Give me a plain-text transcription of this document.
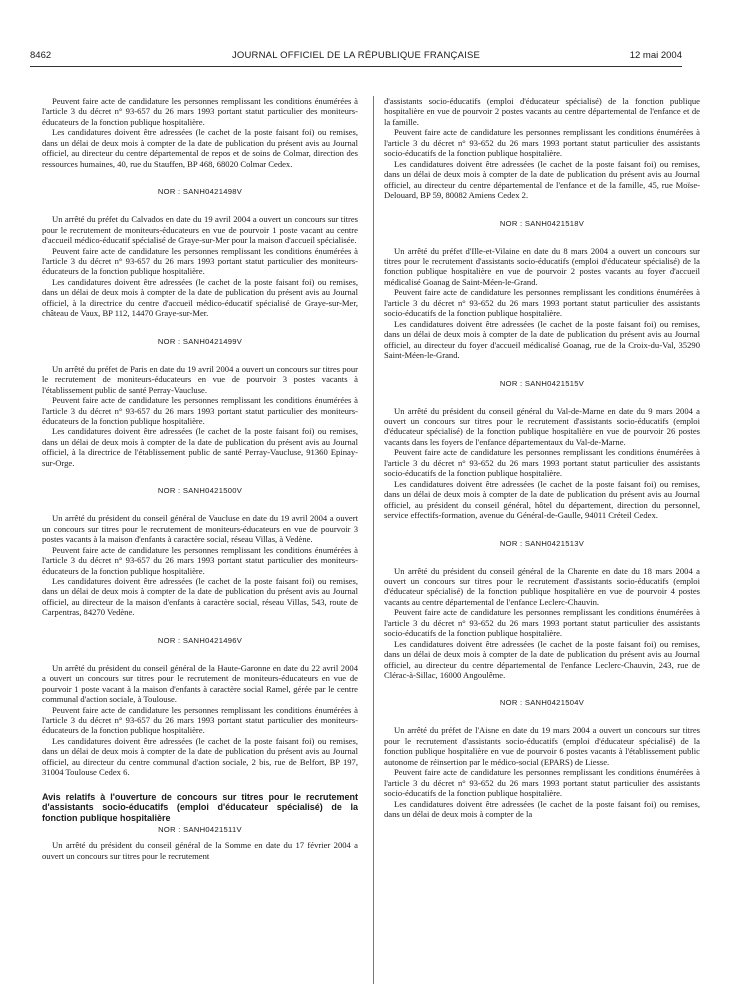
8462	JOURNAL OFFICIEL DE LA RÉPUBLIQUE FRANÇAISE	12 mai 2004

Peuvent faire acte de candidature les personnes remplissant les conditions énumérées à l'article 3 du décret n° 93-657 du 26 mars 1993 portant statut particulier des moniteurs-éducateurs de la fonction publique hospitalière.

Les candidatures doivent être adressées (le cachet de la poste faisant foi) ou remises, dans un délai de deux mois à compter de la date de publication du présent avis au Journal officiel, au directeur du centre départemental de repos et de soins de Colmar, direction des ressources humaines, 40, rue du Stauffen, BP 468, 68020 Colmar Cedex.

NOR : SANH0421498V

Un arrêté du préfet du Calvados en date du 19 avril 2004 a ouvert un concours sur titres pour le recrutement de moniteurs-éducateurs en vue de pourvoir 1 poste vacant au centre d'accueil médico-éducatif spécialisé de Graye-sur-Mer pour la maison d'accueil spécialisée.

Peuvent faire acte de candidature les personnes remplissant les conditions énumérées à l'article 3 du décret n° 93-657 du 26 mars 1993 portant statut particulier des moniteurs-éducateurs de la fonction publique hospitalière.

Les candidatures doivent être adressées (le cachet de la poste faisant foi) ou remises, dans un délai de deux mois à compter de la date de publication du présent avis au Journal officiel, à la directrice du centre d'accueil médico-éducatif spécialisé de Graye-sur-Mer, château de Vaux, BP 112, 14470 Graye-sur-Mer.

NOR : SANH0421499V

Un arrêté du préfet de Paris en date du 19 avril 2004 a ouvert un concours sur titres pour le recrutement de moniteurs-éducateurs en vue de pourvoir 3 postes vacants à l'établissement public de santé Perray-Vaucluse.

Peuvent faire acte de candidature les personnes remplissant les conditions énumérées à l'article 3 du décret n° 93-657 du 26 mars 1993 portant statut particulier des moniteurs-éducateurs de la fonction publique hospitalière.

Les candidatures doivent être adressées (le cachet de la poste faisant foi) ou remises, dans un délai de deux mois à compter de la date de publication du présent avis au Journal officiel, à la directrice de l'établissement public de santé Perray-Vaucluse, 91360 Epinay-sur-Orge.

NOR : SANH0421500V

Un arrêté du président du conseil général de Vaucluse en date du 19 avril 2004 a ouvert un concours sur titres pour le recrutement de moniteurs-éducateurs en vue de pourvoir 3 postes vacants à la maison d'enfants à caractère social, réseau Villas, à Vedène.

Peuvent faire acte de candidature les personnes remplissant les conditions énumérées à l'article 3 du décret n° 93-657 du 26 mars 1993 portant statut particulier des moniteurs-éducateurs de la fonction publique hospitalière.

Les candidatures doivent être adressées (le cachet de la poste faisant foi) ou remises, dans un délai de deux mois à compter de la date de publication du présent avis au Journal officiel, au directeur de la maison d'enfants à caractère social, réseau Villas, 543, route de Carpentras, 84270 Vedène.

NOR : SANH0421496V

Un arrêté du président du conseil général de la Haute-Garonne en date du 22 avril 2004 a ouvert un concours sur titres pour le recrutement de moniteurs-éducateurs en vue de pourvoir 1 poste vacant à la maison d'enfants à caractère social Ramel, gérée par le centre communal d'action sociale, à Toulouse.

Peuvent faire acte de candidature les personnes remplissant les conditions énumérées à l'article 3 du décret n° 93-657 du 26 mars 1993 portant statut particulier des moniteurs-éducateurs de la fonction publique hospitalière.

Les candidatures doivent être adressées (le cachet de la poste faisant foi) ou remises, dans un délai de deux mois à compter de la date de publication du présent avis au Journal officiel, au directeur du centre communal d'action sociale, 2 bis, rue de Belfort, BP 197, 31004 Toulouse Cedex 6.

Avis relatifs à l'ouverture de concours sur titres pour le recrutement d'assistants socio-éducatifs (emploi d'éducateur spécialisé) de la fonction publique hospitalière
NOR : SANH0421511V

Un arrêté du président du conseil général de la Somme en date du 17 février 2004 a ouvert un concours sur titres pour le recrutement

d'assistants socio-éducatifs (emploi d'éducateur spécialisé) de la fonction publique hospitalière en vue de pourvoir 2 postes vacants au centre départemental de l'enfance et de la famille.

Peuvent faire acte de candidature les personnes remplissant les conditions énumérées à l'article 3 du décret n° 93-652 du 26 mars 1993 portant statut particulier des assistants socio-éducatifs de la fonction publique hospitalière.

Les candidatures doivent être adressées (le cachet de la poste faisant foi) ou remises, dans un délai de deux mois à compter de la date de publication du présent avis au Journal officiel, au directeur du centre départemental de l'enfance et de la famille, 45, rue Moïse-Delouard, BP 59, 80082 Amiens Cedex 2.

NOR : SANH0421518V

Un arrêté du préfet d'Ille-et-Vilaine en date du 8 mars 2004 a ouvert un concours sur titres pour le recrutement d'assistants socio-éducatifs (emploi d'éducateur spécialisé) de la fonction publique hospitalière en vue de pourvoir 2 postes vacants au foyer d'accueil médicalisé Goanag de Saint-Méen-le-Grand.

Peuvent faire acte de candidature les personnes remplissant les conditions énumérées à l'article 3 du décret n° 93-652 du 26 mars 1993 portant statut particulier des assistants socio-éducatifs de la fonction publique hospitalière.

Les candidatures doivent être adressées (le cachet de la poste faisant foi) ou remises, dans un délai de deux mois à compter de la date de publication du présent avis au Journal officiel, au directeur du foyer d'accueil médicalisé Goanag, rue de la Croix-du-Val, 35290 Saint-Méen-le-Grand.

NOR : SANH0421515V

Un arrêté du président du conseil général du Val-de-Marne en date du 9 mars 2004 a ouvert un concours sur titres pour le recrutement d'assistants socio-éducatifs (emploi d'éducateur spécialisé) de la fonction publique hospitalière en vue de pourvoir 26 postes vacants dans les foyers de l'enfance départementaux du Val-de-Marne.

Peuvent faire acte de candidature les personnes remplissant les conditions énumérées à l'article 3 du décret n° 93-652 du 26 mars 1993 portant statut particulier des assistants socio-éducatifs de la fonction publique hospitalière.

Les candidatures doivent être adressées (le cachet de la poste faisant foi) ou remises, dans un délai de deux mois à compter de la date de publication du présent avis au Journal officiel, au président du conseil général, hôtel du département, direction du personnel, service effectifs-formation, avenue du Général-de-Gaulle, 94011 Créteil Cedex.

NOR : SANH0421513V

Un arrêté du président du conseil général de la Charente en date du 18 mars 2004 a ouvert un concours sur titres pour le recrutement d'assistants socio-éducatifs (emploi d'éducateur spécialisé) de la fonction publique hospitalière en vue de pourvoir 4 postes vacants au centre départemental de l'enfance Leclerc-Chauvin.

Peuvent faire acte de candidature les personnes remplissant les conditions énumérées à l'article 3 du décret n° 93-652 du 26 mars 1993 portant statut particulier des assistants socio-éducatifs de la fonction publique hospitalière.

Les candidatures doivent être adressées (le cachet de la poste faisant foi) ou remises, dans un délai de deux mois à compter de la date de publication du présent avis au Journal officiel, au directeur du centre départemental de l'enfance Leclerc-Chauvin, 243, rue de Clérac-à-Sillac, 16000 Angoulême.

NOR : SANH0421504V

Un arrêté du préfet de l'Aisne en date du 19 mars 2004 a ouvert un concours sur titres pour le recrutement d'assistants socio-éducatifs (emploi d'éducateur spécialisé) de la fonction publique hospitalière en vue de pourvoir 6 postes vacants à l'établissement public autonome de réinsertion par le médico-social (EPARS) de Liesse.

Peuvent faire acte de candidature les personnes remplissant les conditions énumérées à l'article 3 du décret n° 93-652 du 26 mars 1993 portant statut particulier des assistants socio-éducatifs de la fonction publique hospitalière.

Les candidatures doivent être adressées (le cachet de la poste faisant foi) ou remises, dans un délai de deux mois à compter de la
